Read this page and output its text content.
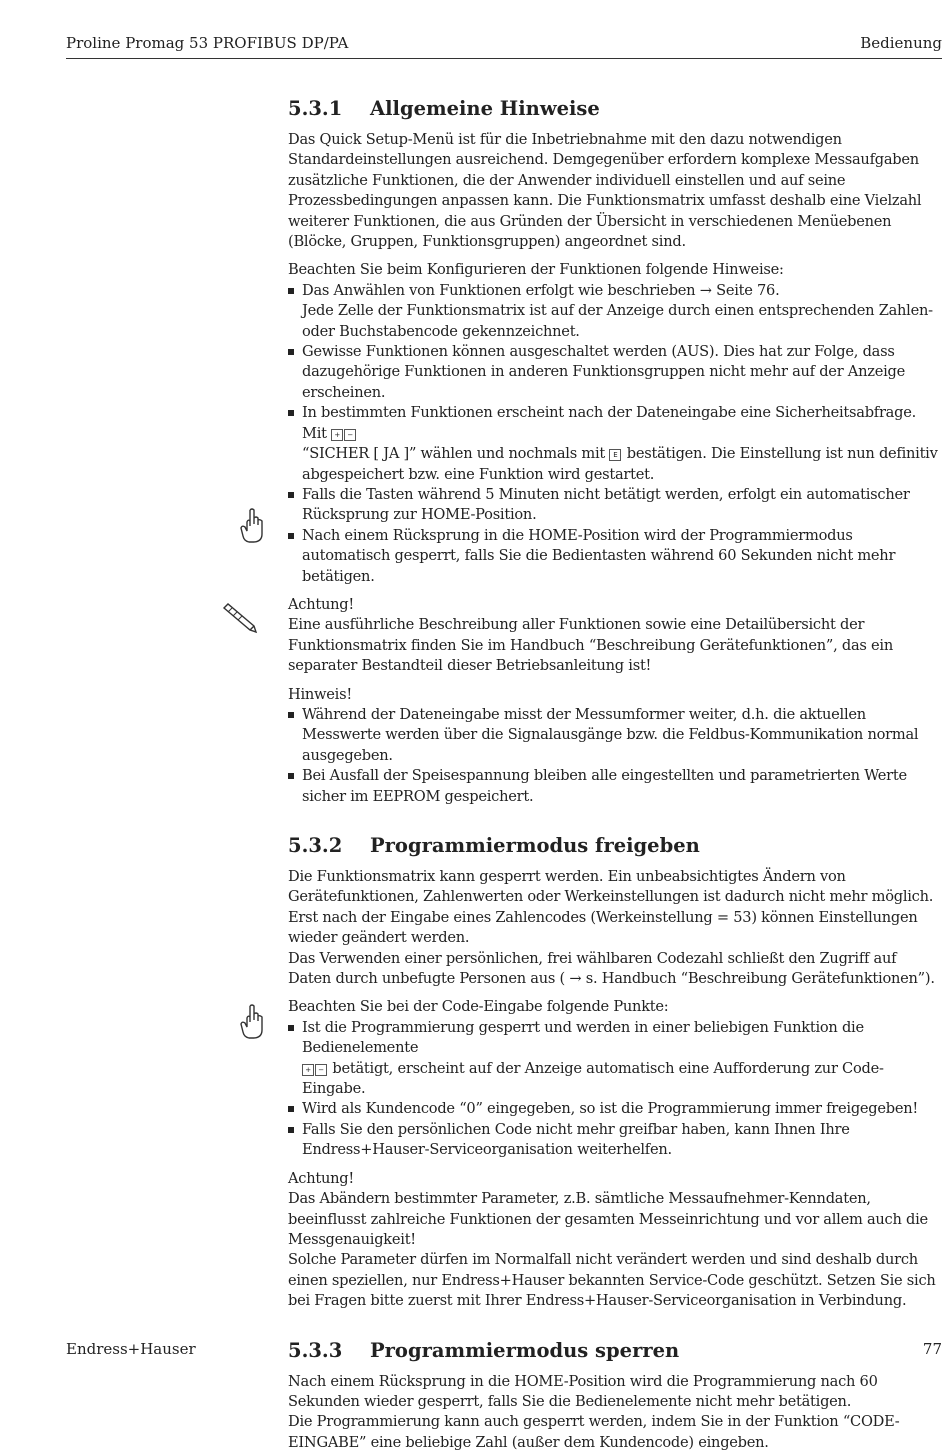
Proline Promag 53 PROFIBUS DP/PA	Bedienung
5.3.1 Allgemeine Hinweise

Das Quick Setup-Menü ist für die Inbetriebnahme mit den dazu notwendigen Standardeinstellungen ausreichend. Demgegenüber erfordern komplexe Messaufgaben zusätzliche Funktionen, die der Anwender individuell einstellen und auf seine Prozessbedingungen anpassen kann. Die Funktionsmatrix umfasst deshalb eine Vielzahl weiterer Funktionen, die aus Gründen der Übersicht in verschiedenen Menüebenen (Blöcke, Gruppen, Funktionsgruppen) angeordnet sind.

Beachten Sie beim Konfigurieren der Funktionen folgende Hinweise:

Das Anwählen von Funktionen erfolgt wie beschrieben → Seite 76.
Jede Zelle der Funktionsmatrix ist auf der Anzeige durch einen entsprechenden Zahlen- oder Buchstabencode gekennzeichnet.
Gewisse Funktionen können ausgeschaltet werden (AUS). Dies hat zur Folge, dass dazugehörige Funktionen in anderen Funktionsgruppen nicht mehr auf der Anzeige erscheinen.
In bestimmten Funktionen erscheint nach der Dateneingabe eine Sicherheitsabfrage. Mit + −
“SICHER [ JA ]” wählen und nochmals mit E bestätigen. Die Einstellung ist nun definitiv abgespeichert bzw. eine Funktion wird gestartet.
Falls die Tasten während 5 Minuten nicht betätigt werden, erfolgt ein automatischer Rücksprung zur HOME-Position.
Nach einem Rücksprung in die HOME-Position wird der Programmiermodus automatisch gesperrt, falls Sie die Bedientasten während 60 Sekunden nicht mehr betätigen.

Achtung!

Eine ausführliche Beschreibung aller Funktionen sowie eine Detailübersicht der Funktionsmatrix finden Sie im Handbuch “Beschreibung Gerätefunktionen”, das ein separater Bestandteil dieser Betriebsanleitung ist!

Hinweis!

Während der Dateneingabe misst der Messumformer weiter, d.h. die aktuellen Messwerte werden über die Signalausgänge bzw. die Feldbus-Kommunikation normal ausgegeben.
Bei Ausfall der Speisespannung bleiben alle eingestellten und parametrierten Werte sicher im EEPROM gespeichert.
5.3.2 Programmiermodus freigeben

Die Funktionsmatrix kann gesperrt werden. Ein unbeabsichtigtes Ändern von Gerätefunktionen, Zahlenwerten oder Werkeinstellungen ist dadurch nicht mehr möglich. Erst nach der Eingabe eines Zahlencodes (Werkeinstellung = 53) können Einstellungen wieder geändert werden.

Das Verwenden einer persönlichen, frei wählbaren Codezahl schließt den Zugriff auf Daten durch unbefugte Personen aus ( → s. Handbuch “Beschreibung Gerätefunktionen”).

Beachten Sie bei der Code-Eingabe folgende Punkte:

Ist die Programmierung gesperrt und werden in einer beliebigen Funktion die Bedienelemente
+ − betätigt, erscheint auf der Anzeige automatisch eine Aufforderung zur Code-Eingabe.
Wird als Kundencode “0” eingegeben, so ist die Programmierung immer freigegeben!
Falls Sie den persönlichen Code nicht mehr greifbar haben, kann Ihnen Ihre Endress+Hauser-Serviceorganisation weiterhelfen.

Achtung!

Das Abändern bestimmter Parameter, z.B. sämtliche Messaufnehmer-Kenndaten, beeinflusst zahlreiche Funktionen der gesamten Messeinrichtung und vor allem auch die Messgenauigkeit!

Solche Parameter dürfen im Normalfall nicht verändert werden und sind deshalb durch einen speziellen, nur Endress+Hauser bekannten Service-Code geschützt. Setzen Sie sich bei Fragen bitte zuerst mit Ihrer Endress+Hauser-Serviceorganisation in Verbindung.

5.3.3 Programmiermodus sperren

Nach einem Rücksprung in die HOME-Position wird die Programmierung nach 60 Sekunden wieder gesperrt, falls Sie die Bedienelemente nicht mehr betätigen.

Die Programmierung kann auch gesperrt werden, indem Sie in der Funktion “CODE-EINGABE” eine beliebige Zahl (außer dem Kundencode) eingeben.

Endress+Hauser	77
